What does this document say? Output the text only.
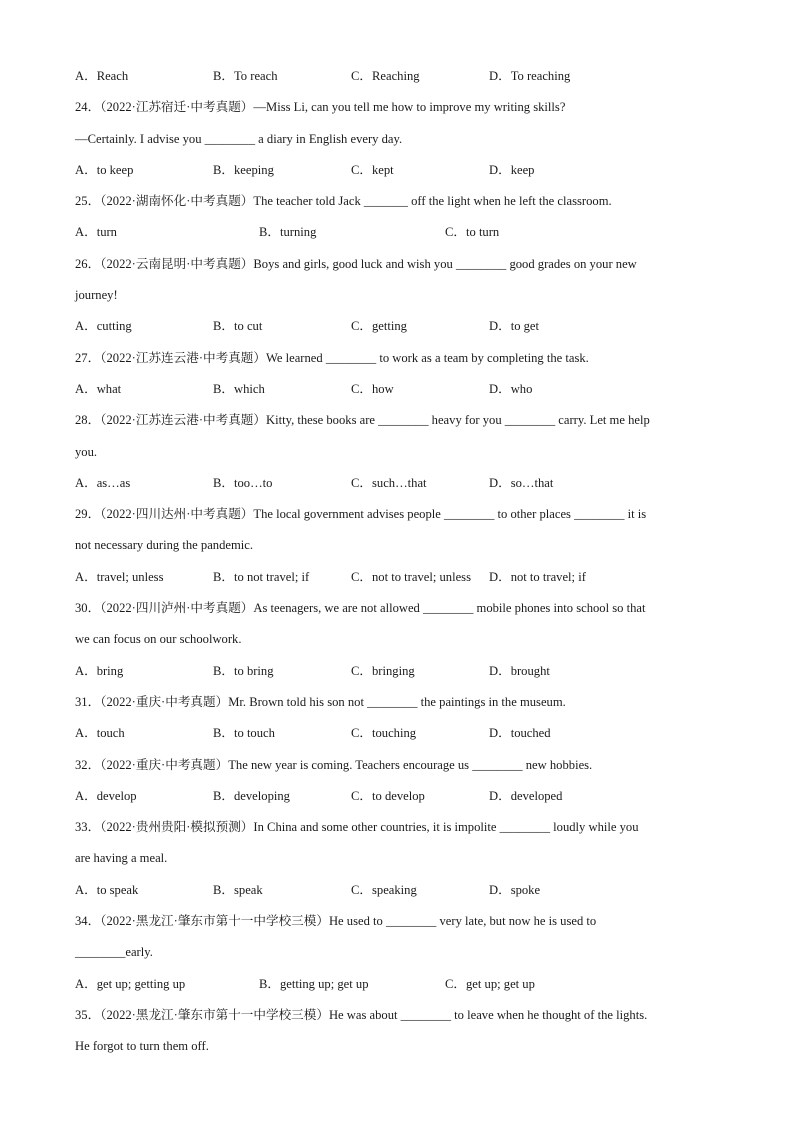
A．Reach	B．To reach	C．Reaching	D．To reaching
24．（2022·江苏宿迁·中考真题）—Miss Li, can you tell me how to improve my writing skills?
—Certainly. I advise you ________ a diary in English every day.
A．to keep	B．keeping	C．kept	D．keep
25．（2022·湖南怀化·中考真题）The teacher told Jack _______ off the light when he left the classroom.
A．turn	B．turning	C．to turn
26．（2022·云南昆明·中考真题）Boys and girls, good luck and wish you ________ good grades on your new
journey!
A．cutting	B．to cut	C．getting	D．to get
27．（2022·江苏连云港·中考真题）We learned ________ to work as a team by completing the task.
A．what	B．which	C．how	D．who
28．（2022·江苏连云港·中考真题）Kitty, these books are ________ heavy for you ________ carry. Let me help
you.
A．as…as	B．too…to	C．such…that	D．so…that
29．（2022·四川达州·中考真题）The local government advises people ________ to other places ________ it is
not necessary during the pandemic.
A．travel; unless	B．to not travel; if	C．not to travel; unless D．not to travel; if
30．（2022·四川泸州·中考真题）As teenagers, we are not allowed ________ mobile phones into school so that
we can focus on our schoolwork.
A．bring	B．to bring	C．bringing	D．brought
31．（2022·重庆·中考真题）Mr. Brown told his son not ________ the paintings in the museum.
A．touch	B．to touch	C．touching	D．touched
32．（2022·重庆·中考真题）The new year is coming. Teachers encourage us ________ new hobbies.
A．develop	B．developing	C．to develop	D．developed
33．（2022·贵州贵阳·模拟预测）In China and some other countries, it is impolite ________ loudly while you
are having a meal.
A．to speak	B．speak	C．speaking	D．spoke
34．（2022·黑龙江·肇东市第十一中学校三模）He used to ________ very late, but now he is used to
________early.
A．get up; getting up	B．getting up; get up	C．get up; get up
35．（2022·黑龙江·肇东市第十一中学校三模）He was about ________ to leave when he thought of the lights.
He forgot to turn them off.
